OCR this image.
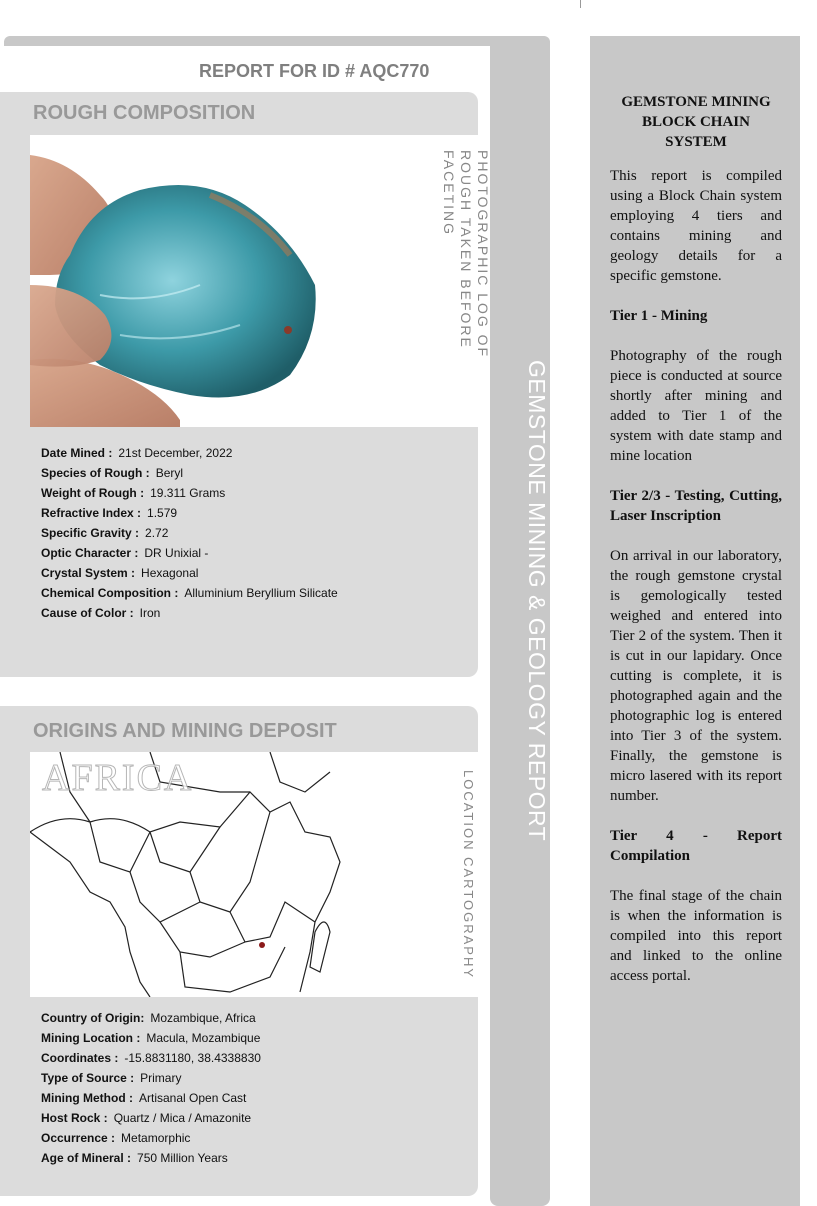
GEMSTONE MINING & GEOLOGY REPORT
REPORT FOR ID # AQC770
ROUGH COMPOSITION
PHOTOGRAPHIC LOG OF ROUGH TAKEN BEFORE FACETING
Date Mined : 21st December, 2022
Species of Rough : Beryl
Weight of Rough : 19.311 Grams
Refractive Index : 1.579
Specific Gravity : 2.72
Optic Character : DR Unixial -
Crystal System : Hexagonal
Chemical Composition : Alluminium Beryllium Silicate
Cause of Color : Iron
ORIGINS AND MINING DEPOSIT
AFRICA	LOCATION CARTOGRAPHY
Country of Origin: Mozambique, Africa
Mining Location : Macula, Mozambique
Coordinates : -15.8831180, 38.4338830
Type of Source : Primary
Mining Method : Artisanal Open Cast
Host Rock : Quartz / Mica / Amazonite
Occurrence : Metamorphic
Age of Mineral : 750 Million Years
GEMSTONE MINING BLOCK CHAIN SYSTEM

This report is compiled using a Block Chain system employing 4 tiers and contains mining and geology details for a specific gemstone.

Tier 1 - Mining

Photography of the rough piece is conducted at source shortly after mining and added to Tier 1 of the system with date stamp and mine location

Tier 2/3 - Testing, Cutting, Laser Inscription

On arrival in our laboratory, the rough gemstone crystal is gemologically tested weighed and entered into Tier 2 of the system. Then it is cut in our lapidary. Once cutting is complete, it is photographed again and the photographic log is entered into Tier 3 of the system. Finally, the gemstone is micro lasered with its report number.

Tier 4 - Report Compilation

The final stage of the chain is when the information is compiled into this report and linked to the online access portal.
